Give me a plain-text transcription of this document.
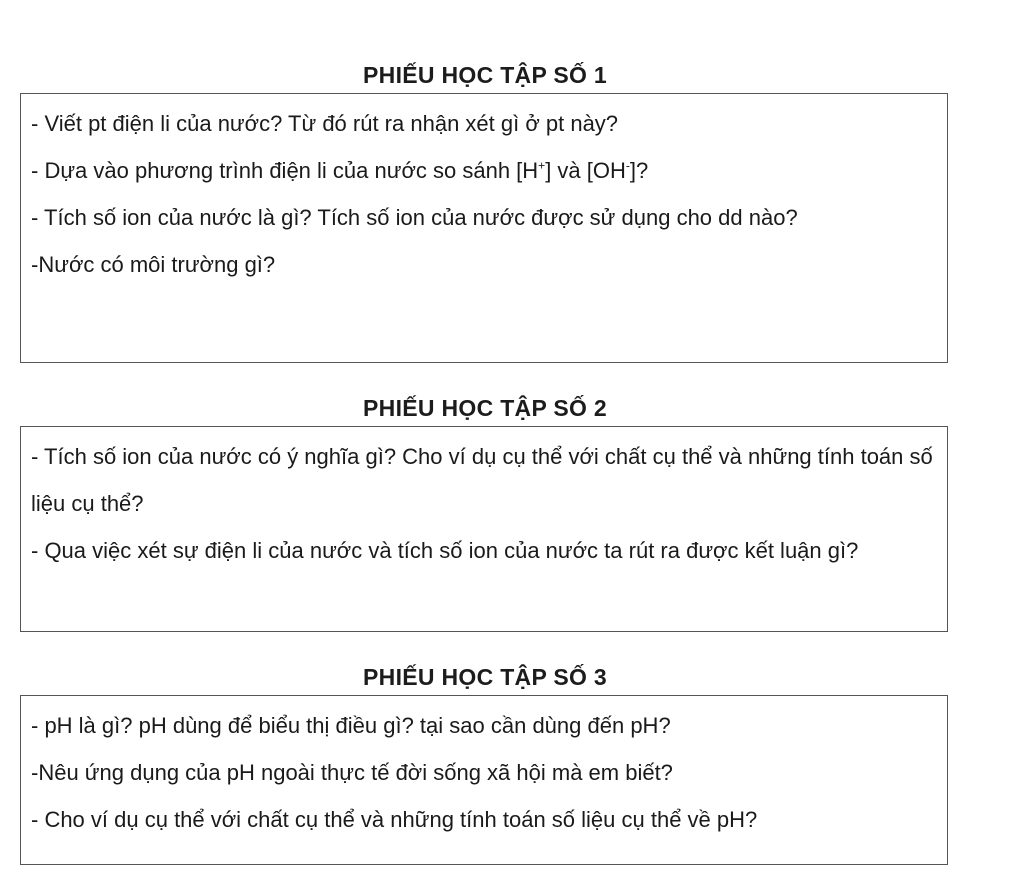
PHIẾU HỌC TẬP SỐ 1

- Viết pt điện li của nước? Từ đó rút ra nhận xét gì ở pt này?

- Dựa vào phương trình điện li của nước so sánh [H+] và [OH-]?

- Tích số ion của nước là gì? Tích số ion của nước được sử dụng cho dd nào?

-Nước có môi trường gì?

PHIẾU HỌC TẬP SỐ 2

- Tích số ion của nước có ý nghĩa gì? Cho ví dụ cụ thể với chất cụ thể và những tính toán số liệu cụ thể?

- Qua việc xét sự điện li của nước và tích số ion của nước ta rút ra được kết luận gì?

PHIẾU HỌC TẬP SỐ 3

- pH là gì? pH dùng để biểu thị điều gì? tại sao cần dùng đến pH?

-Nêu ứng dụng của pH ngoài thực tế đời sống xã hội mà em biết?

- Cho ví dụ cụ thể với chất cụ thể và những tính toán số liệu cụ thể về pH?
